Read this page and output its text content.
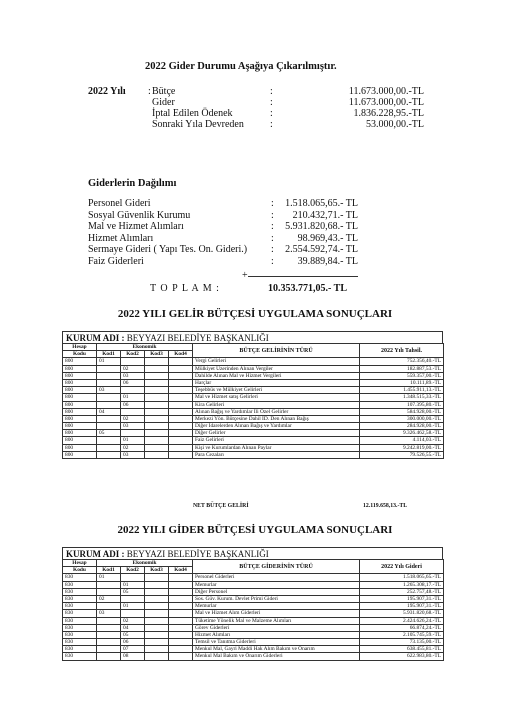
2022 Gider Durumu Aşağıya Çıkarılmıştır.
2022 Yılı : Bütçe	:	11.673.000,00.-TL
Gider	:	11.673.000,00.-TL
İptal Edilen Ödenek	:	1.836.228,95.-TL
Sonraki Yıla Devreden	:	53.000,00.-TL
Giderlerin Dağılımı
Personel Gideri	: 1.518.065,65.- TL
Sosyal Güvenlik Kurumu	: 210.432,71.- TL
Mal ve Hizmet Alımları	: 5.931.820,68.- TL
Hizmet Alımları	: 98.969,43.- TL
Sermaye Gideri ( Yapı Tes. On. Gideri.) : 2.554.592,74.- TL
Faiz Giderleri	: 39.889,84.- TL
+
T O P L A M :	10.353.771,05.- TL
2022 YILI GELİR BÜTÇESİ UYGULAMA SONUÇLARI
KURUM ADI : BEYYAZI BELEDİYE BAŞKANLIĞI
Hesap	Ekonomik				BÜTÇE GELİRİNİN TÜRÜ	2022 Yılı Tahsil.
Kodu	Kod1	Kod2	Kod3	Kod4		
800	01				Vergi Gelirleri	752.356,40.-TL
800		02			Mülkiyet Üzerinden Alınan Vergiler	182.887,53.-TL
800		03			Dahilde Alınan Mal ve Hizmet Vergileri	559.357,00.-TL
800		06			Harçlar	10.111,89.-TL
800	03				Teşebbüs ve Mülkiyet Gelirleri	1.455.911,13.-TL
800		01			Mal ve Hizmet satış Gelirleri	1.348.515,33.-TL
800		06			Kira Gelirleri	107.395,80.-TL
800	04				Alınan Bağış ve Yardımlar İli Özel Gelirler	584.928,00.-TL
800		02			Merkezi Yön. Bütçesine Dahil İD. Den Alınan Bağış	300.000,00.-TL
800		03			Diğer İdarelerden Alınan Bağış ve Yardımlar	284.928,00.-TL
800	05				Diğer Gelirler	9.326.462,58.-TL
800		01			Faiz Gelirleri	4.114,03.-TL
800		02			Kişi ve Kurumlardan Alınan Paylar	9.242.819,00.-TL
800		03			Para Cezaları	79.526,55.-TL
NET BÜTÇE GELİRİ	12.119.658,13.-TL
2022 YILI GİDER BÜTÇESİ UYGULAMA SONUÇLARI
KURUM ADI : BEYYAZI BELEDİYE BAŞKANLIĞI
Hesap	Ekonomik				BÜTÇE GİDERİNİN TÜRÜ	2022 Yılı Gideri
Kodu	Kod1	Kod2	Kod3	Kod4		
830	01				Personel Giderleri	1.518.065,65.-TL
830		01			Memurlar	1.265.308,17.-TL
830		05			Diğer Personel	252.757,48.-TL
830	02				Sos. Güv. Kurum. Devlet Primi Gideri	195.907,31.-TL
830		01			Memurlar	195.907,31.-TL
830	03				Mal ve Hizmet Alım Giderleri	5.931.820,68.-TL
830		02			Tüketime Yönelik Mal ve Malzeme Alımları	2.424.626,24.-TL
830		04			Görev Giderleri	66.874,24.-TL
830		05			Hizmet Alımları	2.105.745,59.-TL
830		06			Temsil ve Tanıtma Giderleri	73.135,00.-TL
830		07			Menkul Mal, Gayri Maddi Hak Alım Bakım ve Onarım	638.455,81.-TL
830		08			Menkul Mal Bakım ve Onarım Giderleri	622.983,80.-TL
